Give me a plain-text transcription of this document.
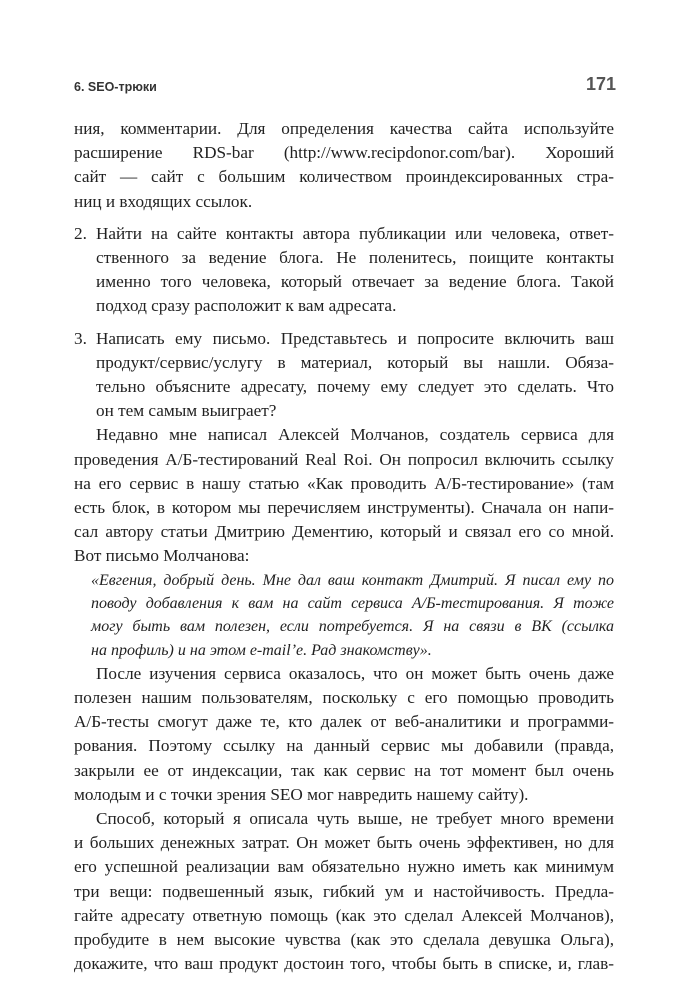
6. SEO-трюки	171

ния, комментарии. Для определения качества сайта используйте
расширение RDS-bar (http://www.recipdonor.com/bar). Хороший
сайт — сайт с большим количеством проиндексированных стра-
ниц и входящих ссылок.

2. Найти на сайте контакты автора публикации или человека, ответ-
ственного за ведение блога. Не поленитесь, поищите контакты
именно того человека, который отвечает за ведение блога. Такой
подход сразу расположит к вам адресата.
3. Написать ему письмо. Представьтесь и попросите включить ваш
продукт/сервис/услугу в материал, который вы нашли. Обяза-
тельно объясните адресату, почему ему следует это сделать. Что
он тем самым выиграет?

Недавно мне написал Алексей Молчанов, создатель сервиса для
проведения А/Б-тестирований Real Roi. Он попросил включить ссылку
на его сервис в нашу статью «Как проводить А/Б-тестирование» (там
есть блок, в котором мы перечисляем инструменты). Сначала он напи-
сал автору статьи Дмитрию Дементию, который и связал его со мной.
Вот письмо Молчанова:

«Евгения, добрый день. Мне дал ваш контакт Дмитрий. Я писал ему по
поводу добавления к вам на сайт сервиса А/Б-тестирования. Я тоже
могу быть вам полезен, если потребуется. Я на связи в ВК (ссылка
на профиль) и на этом e-mail’е. Рад знакомству».

После изучения сервиса оказалось, что он может быть очень даже
полезен нашим пользователям, поскольку с его помощью проводить
А/Б-тесты смогут даже те, кто далек от веб-аналитики и программи-
рования. Поэтому ссылку на данный сервис мы добавили (правда,
закрыли ее от индексации, так как сервис на тот момент был очень
молодым и с точки зрения SEO мог навредить нашему сайту).

Способ, который я описала чуть выше, не требует много времени
и больших денежных затрат. Он может быть очень эффективен, но для
его успешной реализации вам обязательно нужно иметь как минимум
три вещи: подвешенный язык, гибкий ум и настойчивость. Предла-
гайте адресату ответную помощь (как это сделал Алексей Молчанов),
пробудите в нем высокие чувства (как это сделала девушка Ольга),
докажите, что ваш продукт достоин того, чтобы быть в списке, и, глав-
